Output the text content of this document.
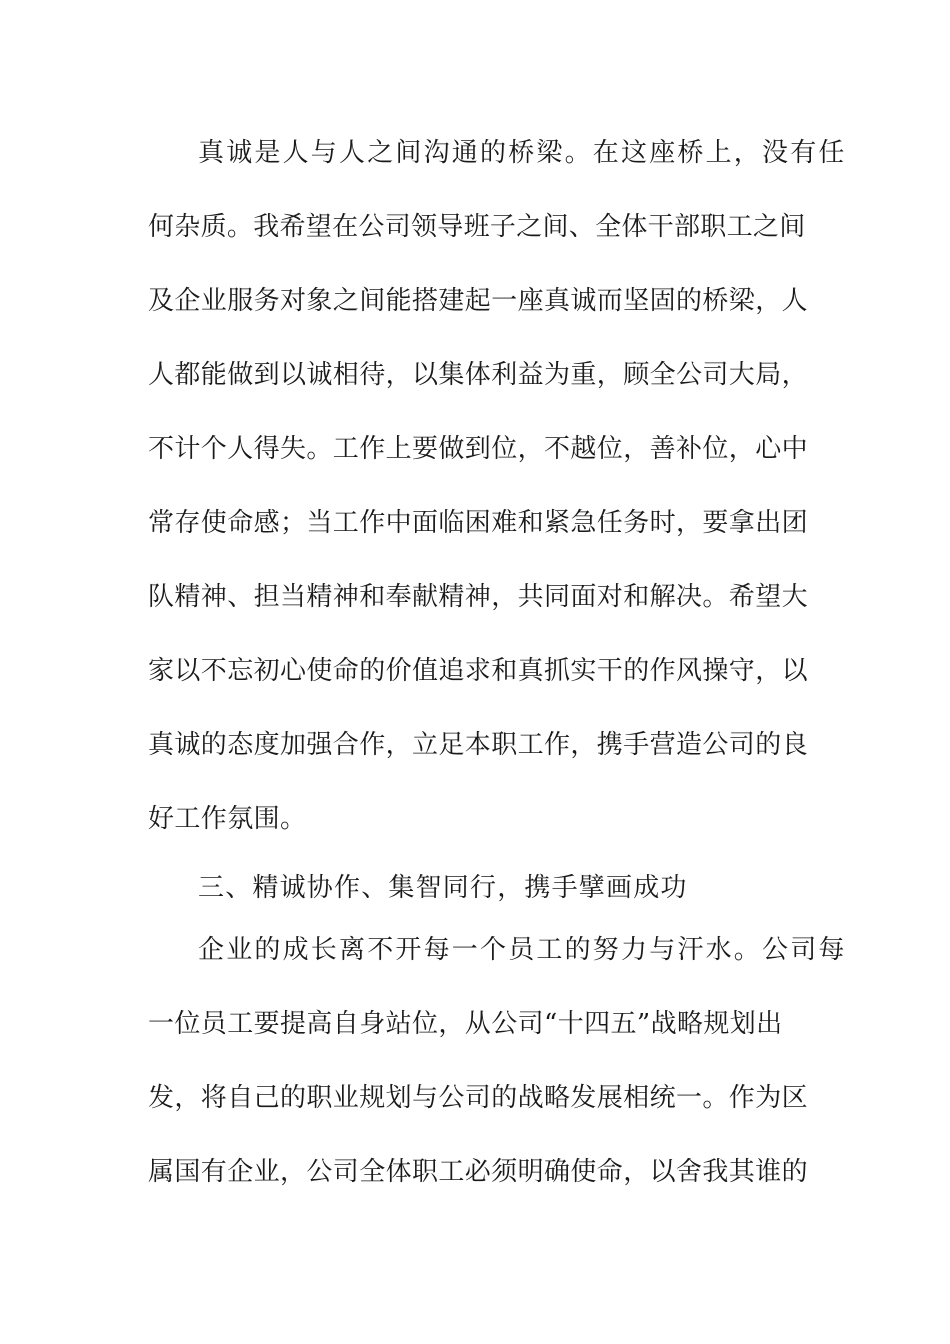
真诚是人与人之间沟通的桥梁。在这座桥上，没有任
何杂质。我希望在公司领导班子之间、全体干部职工之间
及企业服务对象之间能搭建起一座真诚而坚固的桥梁，人
人都能做到以诚相待，以集体利益为重，顾全公司大局，
不计个人得失。工作上要做到位，不越位，善补位，心中
常存使命感；当工作中面临困难和紧急任务时，要拿出团
队精神、担当精神和奉献精神，共同面对和解决。希望大
家以不忘初心使命的价值追求和真抓实干的作风操守，以
真诚的态度加强合作，立足本职工作，携手营造公司的良
好工作氛围。
三、精诚协作、集智同行，携手擘画成功
企业的成长离不开每一个员工的努力与汗水。公司每
一位员工要提高自身站位，从公司“十四五”战略规划出
发，将自己的职业规划与公司的战略发展相统一。作为区
属国有企业，公司全体职工必须明确使命，以舍我其谁的
